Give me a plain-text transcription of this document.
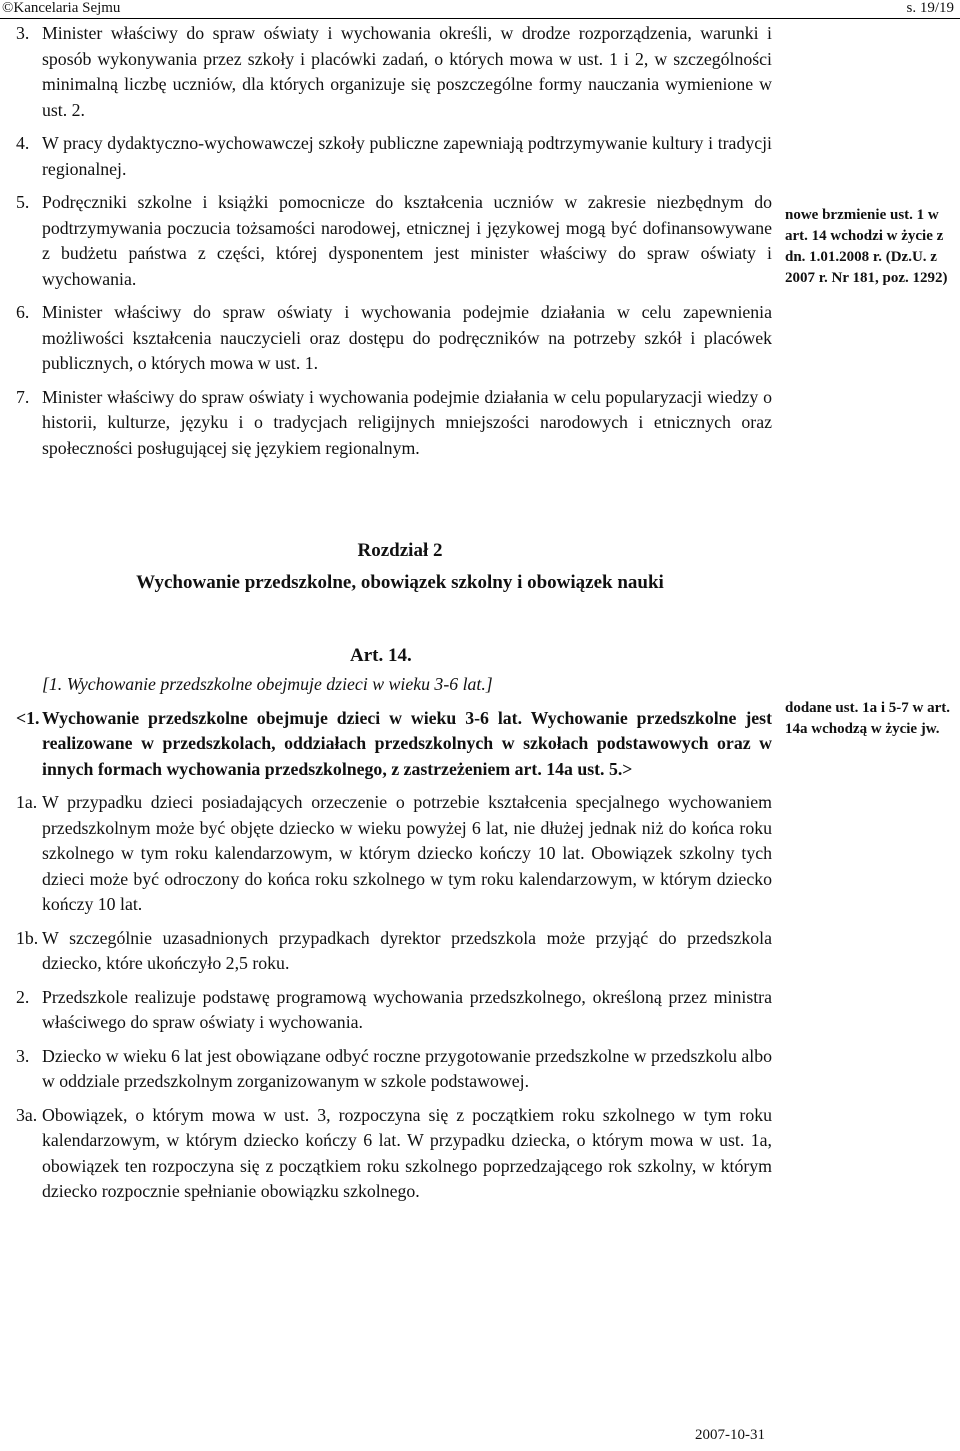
©Kancelaria Sejmu	s. 19/19

3. Minister właściwy do spraw oświaty i wychowania określi, w drodze rozporządzenia, warunki i sposób wykonywania przez szkoły i placówki zadań, o których mowa w ust. 1 i 2, w szczególności minimalną liczbę uczniów, dla których organizuje się poszczególne formy nauczania wymienione w ust. 2.

4. W pracy dydaktyczno-wychowawczej szkoły publiczne zapewniają podtrzymywanie kultury i tradycji regionalnej.

5. Podręczniki szkolne i książki pomocnicze do kształcenia uczniów w zakresie niezbędnym do podtrzymywania poczucia tożsamości narodowej, etnicznej i językowej mogą być dofinansowywane z budżetu państwa z części, której dysponentem jest minister właściwy do spraw oświaty i wychowania.

6. Minister właściwy do spraw oświaty i wychowania podejmie działania w celu zapewnienia możliwości kształcenia nauczycieli oraz dostępu do podręczników na potrzeby szkół i placówek publicznych, o których mowa w ust. 1.

7. Minister właściwy do spraw oświaty i wychowania podejmie działania w celu popularyzacji wiedzy o historii, kulturze, języku i o tradycjach religijnych mniejszości narodowych i etnicznych oraz społeczności posługującej się językiem regionalnym.

nowe brzmienie ust. 1 w art. 14 wchodzi w życie z dn. 1.01.2008 r. (Dz.U. z 2007 r. Nr 181, poz. 1292)
Rozdział 2
Wychowanie przedszkolne, obowiązek szkolny i obowiązek nauki
Art. 14.

[1. Wychowanie przedszkolne obejmuje dzieci w wieku 3-6 lat.]

<1. Wychowanie przedszkolne obejmuje dzieci w wieku 3-6 lat. Wychowanie przedszkolne jest realizowane w przedszkolach, oddziałach przedszkolnych w szkołach podstawowych oraz w innych formach wychowania przedszkolnego, z zastrzeżeniem art. 14a ust. 5.>

1a. W przypadku dzieci posiadających orzeczenie o potrzebie kształcenia specjalnego wychowaniem przedszkolnym może być objęte dziecko w wieku powyżej 6 lat, nie dłużej jednak niż do końca roku szkolnego w tym roku kalendarzowym, w którym dziecko kończy 10 lat. Obowiązek szkolny tych dzieci może być odroczony do końca roku szkolnego w tym roku kalendarzowym, w którym dziecko kończy 10 lat.

1b. W szczególnie uzasadnionych przypadkach dyrektor przedszkola może przyjąć do przedszkola dziecko, które ukończyło 2,5 roku.

2. Przedszkole realizuje podstawę programową wychowania przedszkolnego, określoną przez ministra właściwego do spraw oświaty i wychowania.

3. Dziecko w wieku 6 lat jest obowiązane odbyć roczne przygotowanie przedszkolne w przedszkolu albo w oddziale przedszkolnym zorganizowanym w szkole podstawowej.

3a. Obowiązek, o którym mowa w ust. 3, rozpoczyna się z początkiem roku szkolnego w tym roku kalendarzowym, w którym dziecko kończy 6 lat. W przypadku dziecka, o którym mowa w ust. 1a, obowiązek ten rozpoczyna się z początkiem roku szkolnego poprzedzającego rok szkolny, w którym dziecko rozpocznie spełnianie obowiązku szkolnego.

dodane ust. 1a i 5-7 w art. 14a wchodzą w życie jw.
2007-10-31
